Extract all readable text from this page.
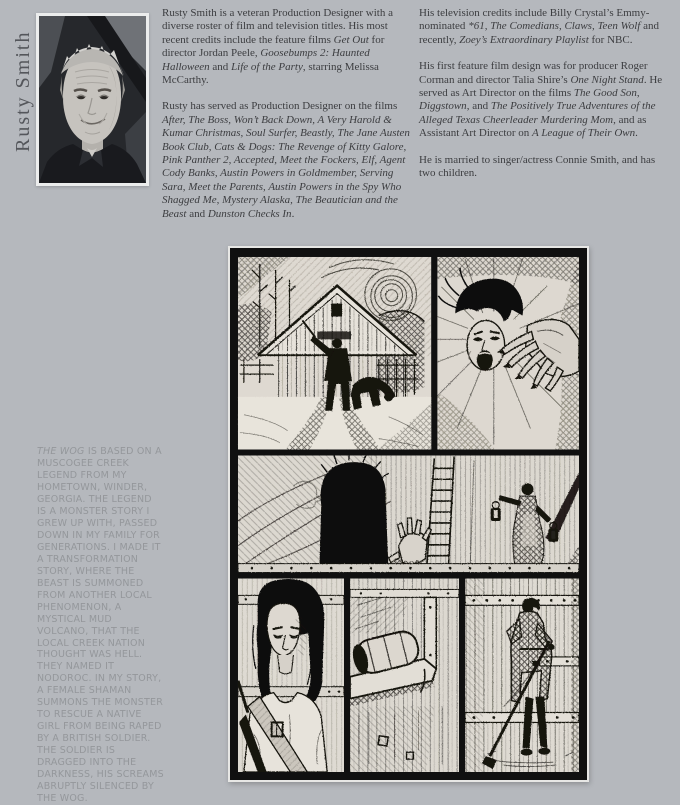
Rusty Smith

Rusty Smith is a veteran Production Designer with a diverse roster of film and television titles. His most recent credits include the feature films Get Out for director Jordan Peele, Goosebumps 2: Haunted Halloween and Life of the Party, starring Melissa McCarthy.

Rusty has served as Production Designer on the films After, The Boss, Won’t Back Down, A Very Harold & Kumar Christmas, Soul Surfer, Beastly, The Jane Austen Book Club, Cats & Dogs: The Revenge of Kitty Galore, Pink Panther 2, Accepted, Meet the Fockers, Elf, Agent Cody Banks, Austin Powers in Goldmember, Serving Sara, Meet the Parents, Austin Powers in the Spy Who Shagged Me, Mystery Alaska, The Beautician and the Beast and Dunston Checks In.

His television credits include Billy Crystal’s Emmy-nominated *61, The Comedians, Claws, Teen Wolf and recently, Zoey’s Extraordinary Playlist for NBC.

His first feature film design was for producer Roger Corman and director Talia Shire’s One Night Stand. He served as Art Director on the films The Good Son, Diggstown, and The Positively True Adventures of the Alleged Texas Cheerleader Murdering Mom, and as Assistant Art Director on A League of Their Own.

He is married to singer/actress Connie Smith, and has two children.

THE WOG IS BASED ON A MUSCOGEE CREEK LEGEND FROM MY HOMETOWN, WINDER, GEORGIA. THE LEGEND IS A MONSTER STORY I GREW UP WITH, PASSED DOWN IN MY FAMILY FOR GENERATIONS. I MADE IT A TRANSFORMATION STORY, WHERE THE BEAST IS SUMMONED FROM ANOTHER LOCAL PHENOMENON, A MYSTICAL MUD VOLCANO, THAT THE LOCAL CREEK NATION THOUGHT WAS HELL. THEY NAMED IT NODOROC. IN MY STORY, A FEMALE SHAMAN SUMMONS THE MONSTER TO RESCUE A NATIVE GIRL FROM BEING RAPED BY A BRITISH SOLDIER. THE SOLDIER IS DRAGGED INTO THE DARKNESS, HIS SCREAMS ABRUPTLY SILENCED BY THE WOG.
